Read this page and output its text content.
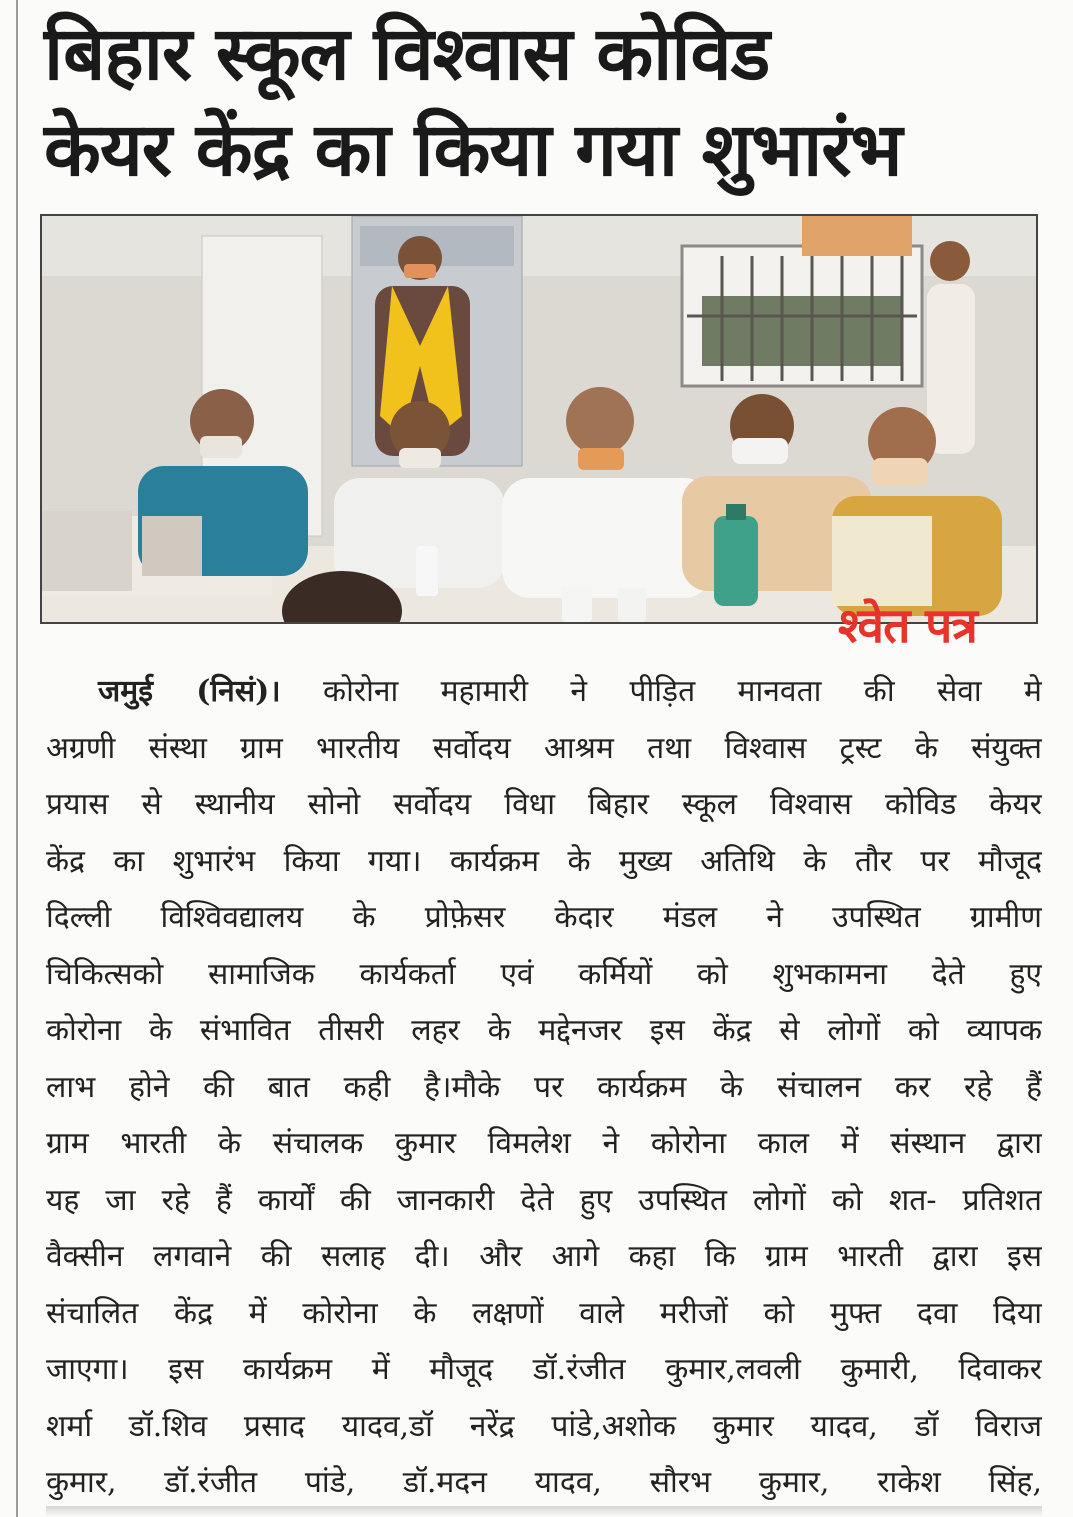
बिहार स्कूल विश्वास कोविड
केयर केंद्र का किया गया शुभारंभ
श्वेत पत्र
जमुई (निसं)। कोरोना महामारी ने पीड़ित मानवता की सेवा मे
अग्रणी संस्था ग्राम भारतीय सर्वोदय आश्रम तथा विश्वास ट्रस्ट के संयुक्त
प्रयास से स्थानीय सोनो सर्वोदय विधा बिहार स्कूल विश्वास कोविड केयर
केंद्र का शुभारंभ किया गया। कार्यक्रम के मुख्य अतिथि के तौर पर मौजूद
दिल्ली विश्विवद्यालय के प्रोफ़ेसर केदार मंडल ने उपस्थित ग्रामीण
चिकित्सको सामाजिक कार्यकर्ता एवं कर्मियों को शुभकामना देते हुए
कोरोना के संभावित तीसरी लहर के मद्देनजर इस केंद्र से लोगों को व्यापक
लाभ होने की बात कही है।मौके पर कार्यक्रम के संचालन कर रहे हैं
ग्राम भारती के संचालक कुमार विमलेश ने कोरोना काल में संस्थान द्वारा
यह जा रहे हैं कार्यों की जानकारी देते हुए उपस्थित लोगों को शत- प्रतिशत
वैक्सीन लगवाने की सलाह दी। और आगे कहा कि ग्राम भारती द्वारा इस
संचालित केंद्र में कोरोना के लक्षणों वाले मरीजों को मुफ्त दवा दिया
जाएगा। इस कार्यक्रम में मौजूद डॉ.रंजीत कुमार,लवली कुमारी, दिवाकर
शर्मा डॉ.शिव प्रसाद यादव,डॉ नरेंद्र पांडे,अशोक कुमार यादव, डॉ विराज
कुमार, डॉ.रंजीत पांडे, डॉ.मदन यादव, सौरभ कुमार, राकेश सिंह,
